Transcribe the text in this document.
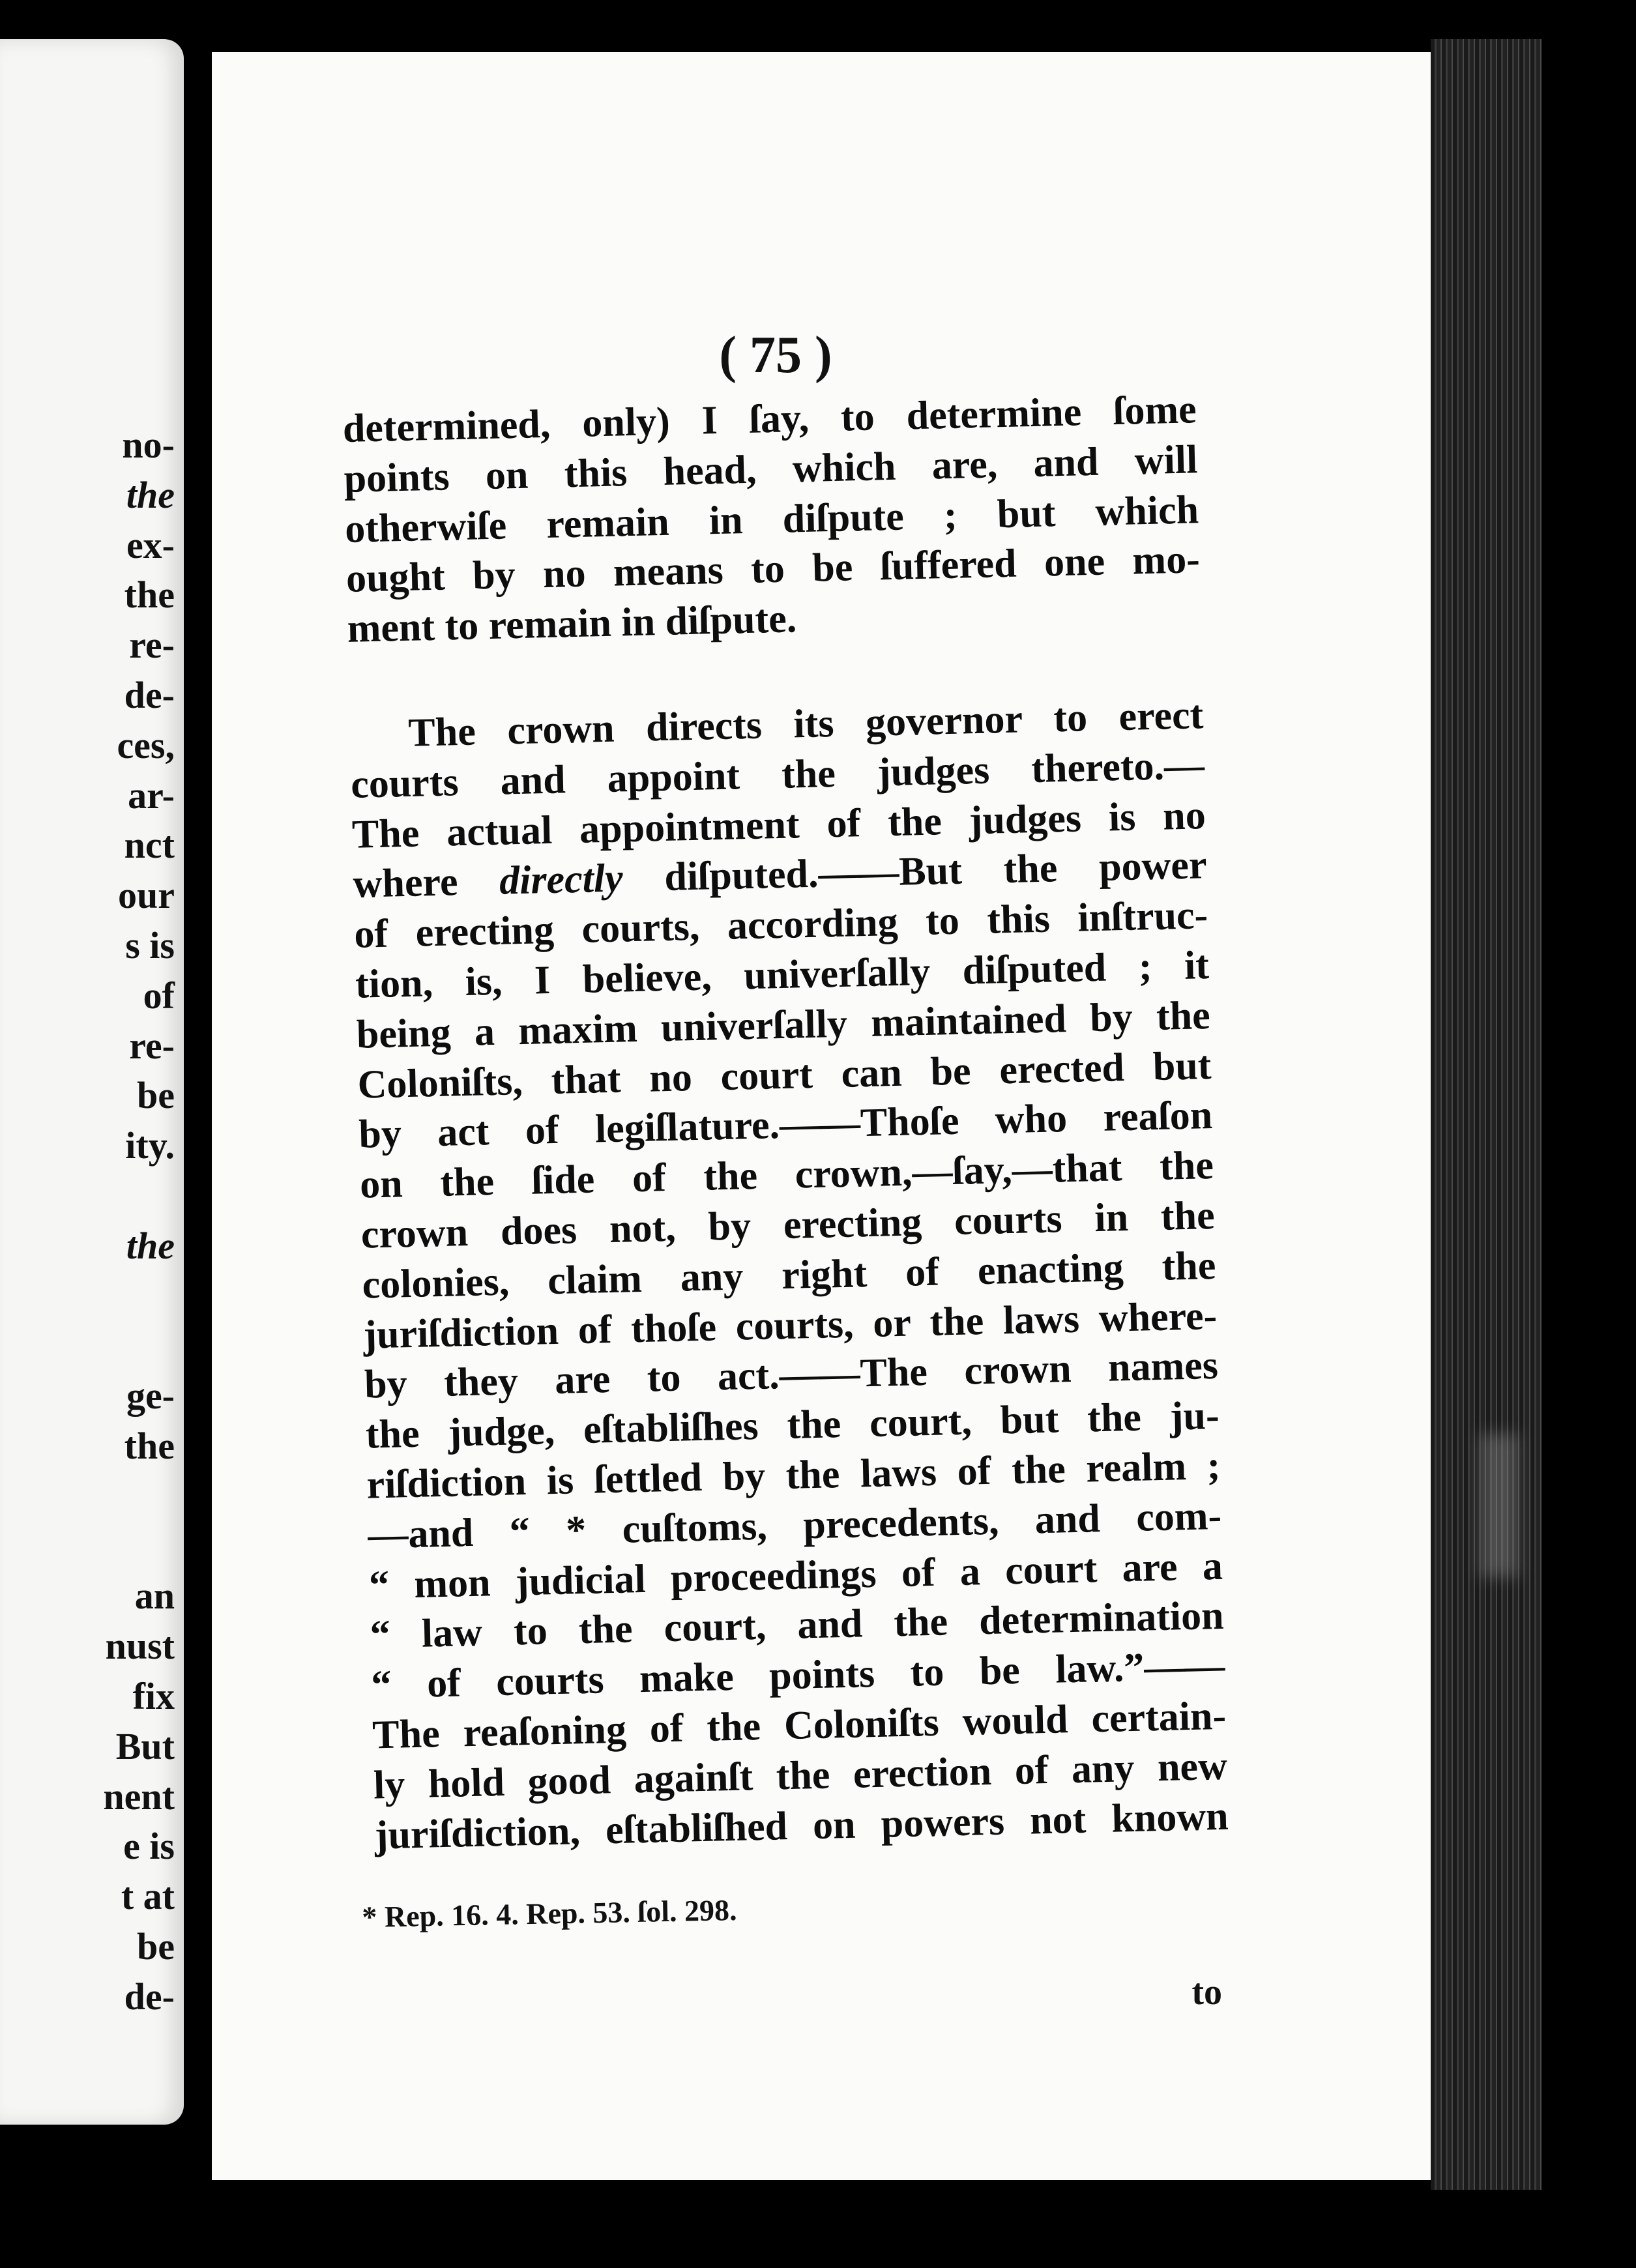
no-
the
ex-
the
re-
de-
ces,
ar-
nct
our
s is
of
re-
be
ity.
the
ge-
the
an
nust
fix
But
nent
e is
t at
be
de-
( 75 )
determined, only) I ſay, to determine ſome
points on this head, which are, and will
otherwiſe remain in diſpute ; but which
ought by no means to be ſuffered one mo-
ment to remain in diſpute.
The crown directs its governor to erect
courts and appoint the judges thereto.—
The actual appointment of the judges is no
where directly diſputed.——But the power
of erecting courts, according to this inſtruc-
tion, is, I believe, univerſally diſputed ; it
being a maxim univerſally maintained by the
Coloniſts, that no court can be erected but
by act of legiſlature.——Thoſe who reaſon
on the ſide of the crown,—ſay,—that the
crown does not, by erecting courts in the
colonies, claim any right of enacting the
juriſdiction of thoſe courts, or the laws where-
by they are to act.——The crown names
the judge, eſtabliſhes the court, but the ju-
riſdiction is ſettled by the laws of the realm ;
—and “ * cuſtoms, precedents, and com-
“ mon judicial proceedings of a court are a
“ law to the court, and the determination
“ of courts make points to be law.”——
The reaſoning of the Coloniſts would certain-
ly hold good againſt the erection of any new
juriſdiction, eſtabliſhed on powers not known
* Rep. 16. 4. Rep. 53. ſol. 298.
to
